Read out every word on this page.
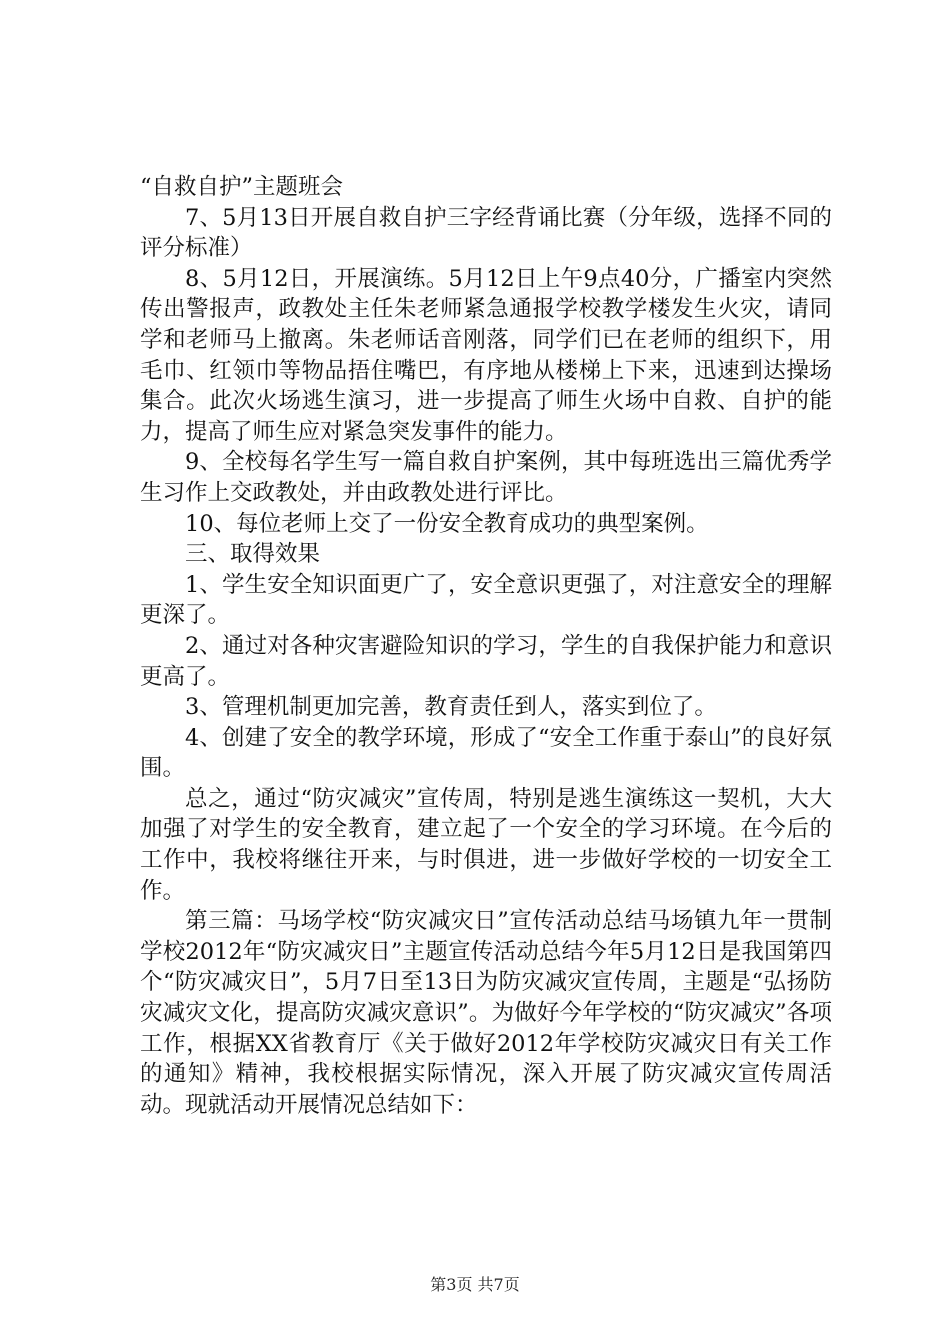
“自救自护”主题班会

7、5月13日开展自救自护三字经背诵比赛（分年级，选择不同的评分标准）

8、5月12日，开展演练。5月12日上午9点40分，广播室内突然传出警报声，政教处主任朱老师紧急通报学校教学楼发生火灾，请同学和老师马上撤离。朱老师话音刚落，同学们已在老师的组织下，用毛巾、红领巾等物品捂住嘴巴，有序地从楼梯上下来，迅速到达操场集合。此次火场逃生演习，进一步提高了师生火场中自救、自护的能力，提高了师生应对紧急突发事件的能力。

9、全校每名学生写一篇自救自护案例，其中每班选出三篇优秀学生习作上交政教处，并由政教处进行评比。

10、每位老师上交了一份安全教育成功的典型案例。

三、取得效果

1、学生安全知识面更广了，安全意识更强了，对注意安全的理解更深了。

2、通过对各种灾害避险知识的学习，学生的自我保护能力和意识更高了。

3、管理机制更加完善，教育责任到人，落实到位了。

4、创建了安全的教学环境，形成了“安全工作重于泰山”的良好氛围。

总之，通过“防灾减灾”宣传周，特别是逃生演练这一契机，大大加强了对学生的安全教育，建立起了一个安全的学习环境。在今后的工作中，我校将继往开来，与时俱进，进一步做好学校的一切安全工作。

第三篇：马场学校“防灾减灾日”宣传活动总结马场镇九年一贯制学校2012年“防灾减灾日”主题宣传活动总结今年5月12日是我国第四个“防灾减灾日”，5月7日至13日为防灾减灾宣传周，主题是“弘扬防灾减灾文化，提高防灾减灾意识”。为做好今年学校的“防灾减灾”各项工作，根据XX省教育厅《关于做好2012年学校防灾减灾日有关工作的通知》精神，我校根据实际情况，深入开展了防灾减灾宣传周活动。现就活动开展情况总结如下：

第3页 共7页
